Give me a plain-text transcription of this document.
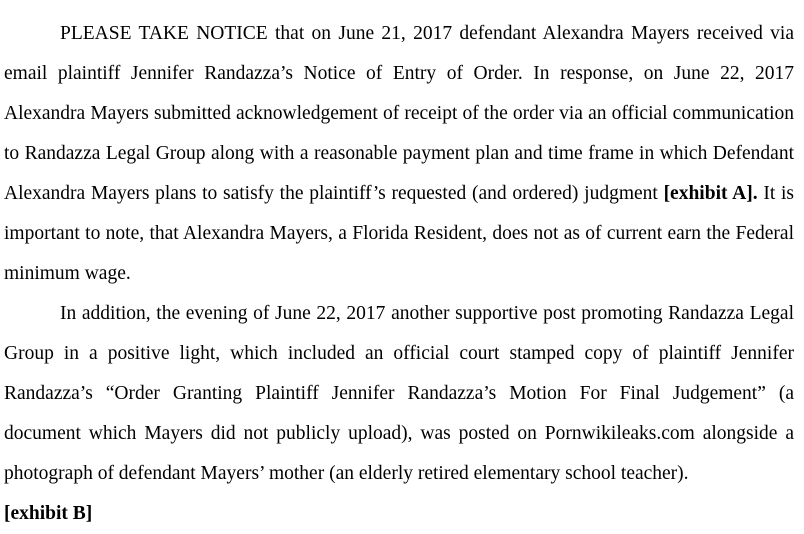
PLEASE TAKE NOTICE that on June 21, 2017 defendant Alexandra Mayers received via email plaintiff Jennifer Randazza’s Notice of Entry of Order. In response, on June 22, 2017 Alexandra Mayers submitted acknowledgement of receipt of the order via an official communication to Randazza Legal Group along with a reasonable payment plan and time frame in which Defendant Alexandra Mayers plans to satisfy the plaintiff’s requested (and ordered) judgment [exhibit A]. It is important to note, that Alexandra Mayers, a Florida Resident, does not as of current earn the Federal minimum wage.
In addition, the evening of June 22, 2017 another supportive post promoting Randazza Legal Group in a positive light, which included an official court stamped copy of plaintiff Jennifer Randazza’s “Order Granting Plaintiff Jennifer Randazza’s Motion For Final Judgement” (a document which Mayers did not publicly upload), was posted on Pornwikileaks.com alongside a photograph of defendant Mayers’ mother (an elderly retired elementary school teacher).
[exhibit B]
